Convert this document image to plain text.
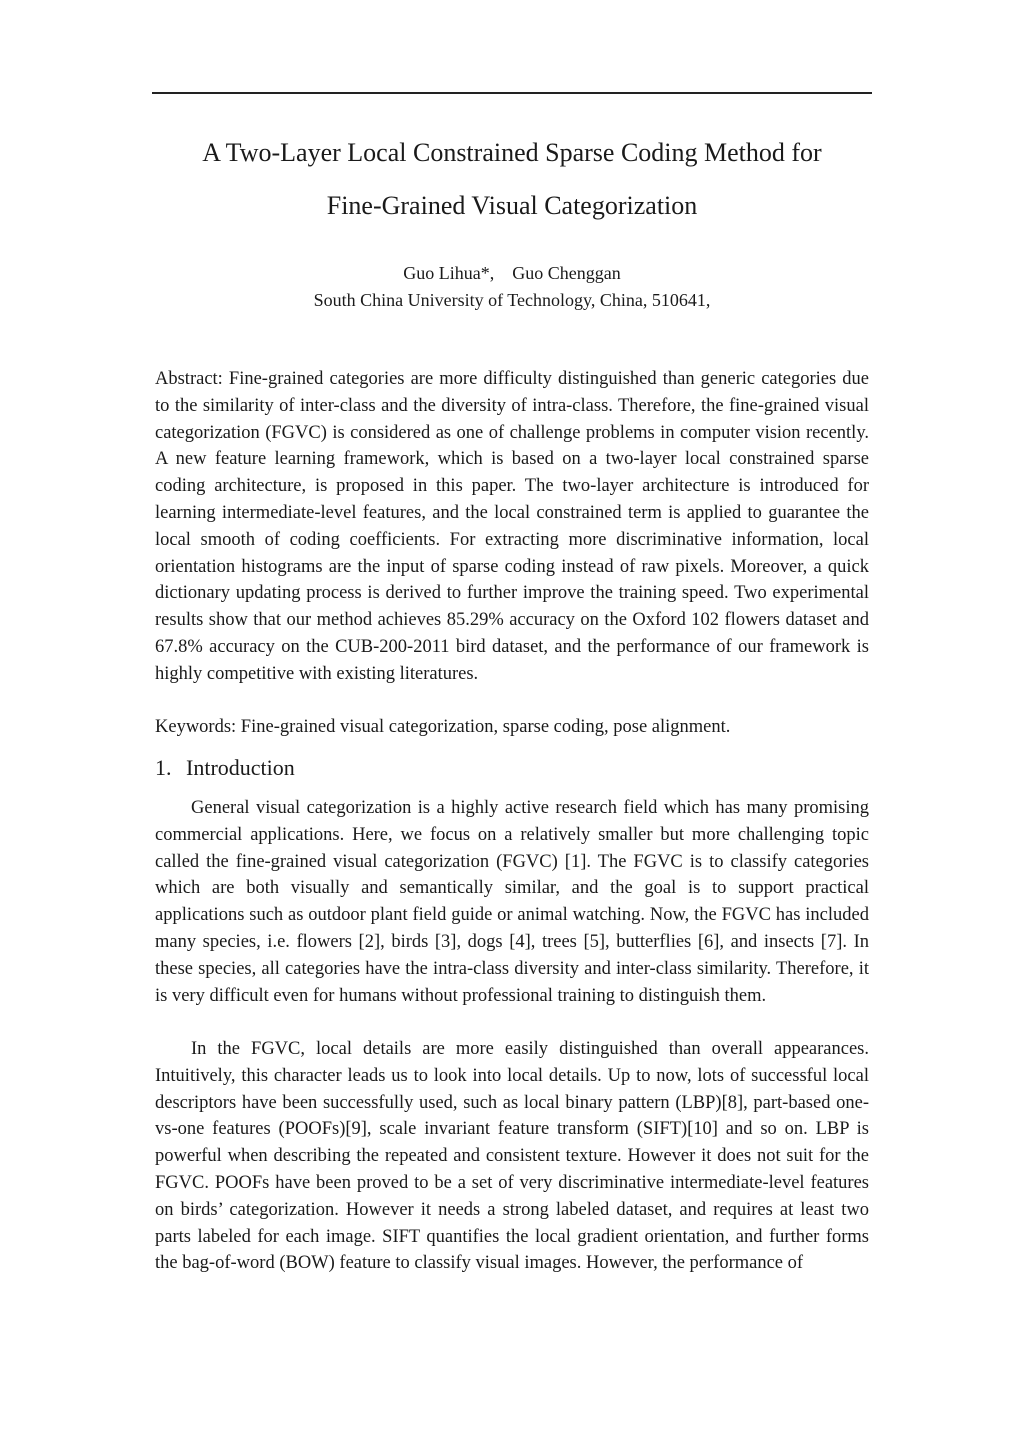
A Two-Layer Local Constrained Sparse Coding Method for
Fine-Grained Visual Categorization
Guo Lihua*, Guo Chenggan
South China University of Technology, China, 510641,

Abstract: Fine-grained categories are more difficulty distinguished than generic categories due to the similarity of inter-class and the diversity of intra-class. Therefore, the fine-grained visual categorization (FGVC) is considered as one of challenge problems in computer vision recently. A new feature learning framework, which is based on a two-layer local constrained sparse coding architecture, is proposed in this paper. The two-layer architecture is introduced for learning intermediate-level features, and the local constrained term is applied to guarantee the local smooth of coding coefficients. For extracting more discriminative information, local orientation histograms are the input of sparse coding instead of raw pixels. Moreover, a quick dictionary updating process is derived to further improve the training speed. Two experimental results show that our method achieves 85.29% accuracy on the Oxford 102 flowers dataset and 67.8% accuracy on the CUB-200-2011 bird dataset, and the performance of our framework is highly competitive with existing literatures.

Keywords: Fine-grained visual categorization, sparse coding, pose alignment.

1. Introduction

General visual categorization is a highly active research field which has many promising commercial applications. Here, we focus on a relatively smaller but more challenging topic called the fine-grained visual categorization (FGVC) [1]. The FGVC is to classify categories which are both visually and semantically similar, and the goal is to support practical applications such as outdoor plant field guide or animal watching. Now, the FGVC has included many species, i.e. flowers [2], birds [3], dogs [4], trees [5], butterflies [6], and insects [7]. In these species, all categories have the intra-class diversity and inter-class similarity. Therefore, it is very difficult even for humans without professional training to distinguish them.

In the FGVC, local details are more easily distinguished than overall appearances. Intuitively, this character leads us to look into local details. Up to now, lots of successful local descriptors have been successfully used, such as local binary pattern (LBP)[8], part-based one-vs-one features (POOFs)[9], scale invariant feature transform (SIFT)[10] and so on. LBP is powerful when describing the repeated and consistent texture. However it does not suit for the FGVC. POOFs have been proved to be a set of very discriminative intermediate-level features on birds’ categorization. However it needs a strong labeled dataset, and requires at least two parts labeled for each image. SIFT quantifies the local gradient orientation, and further forms the bag-of-word (BOW) feature to classify visual images. However, the performance of
